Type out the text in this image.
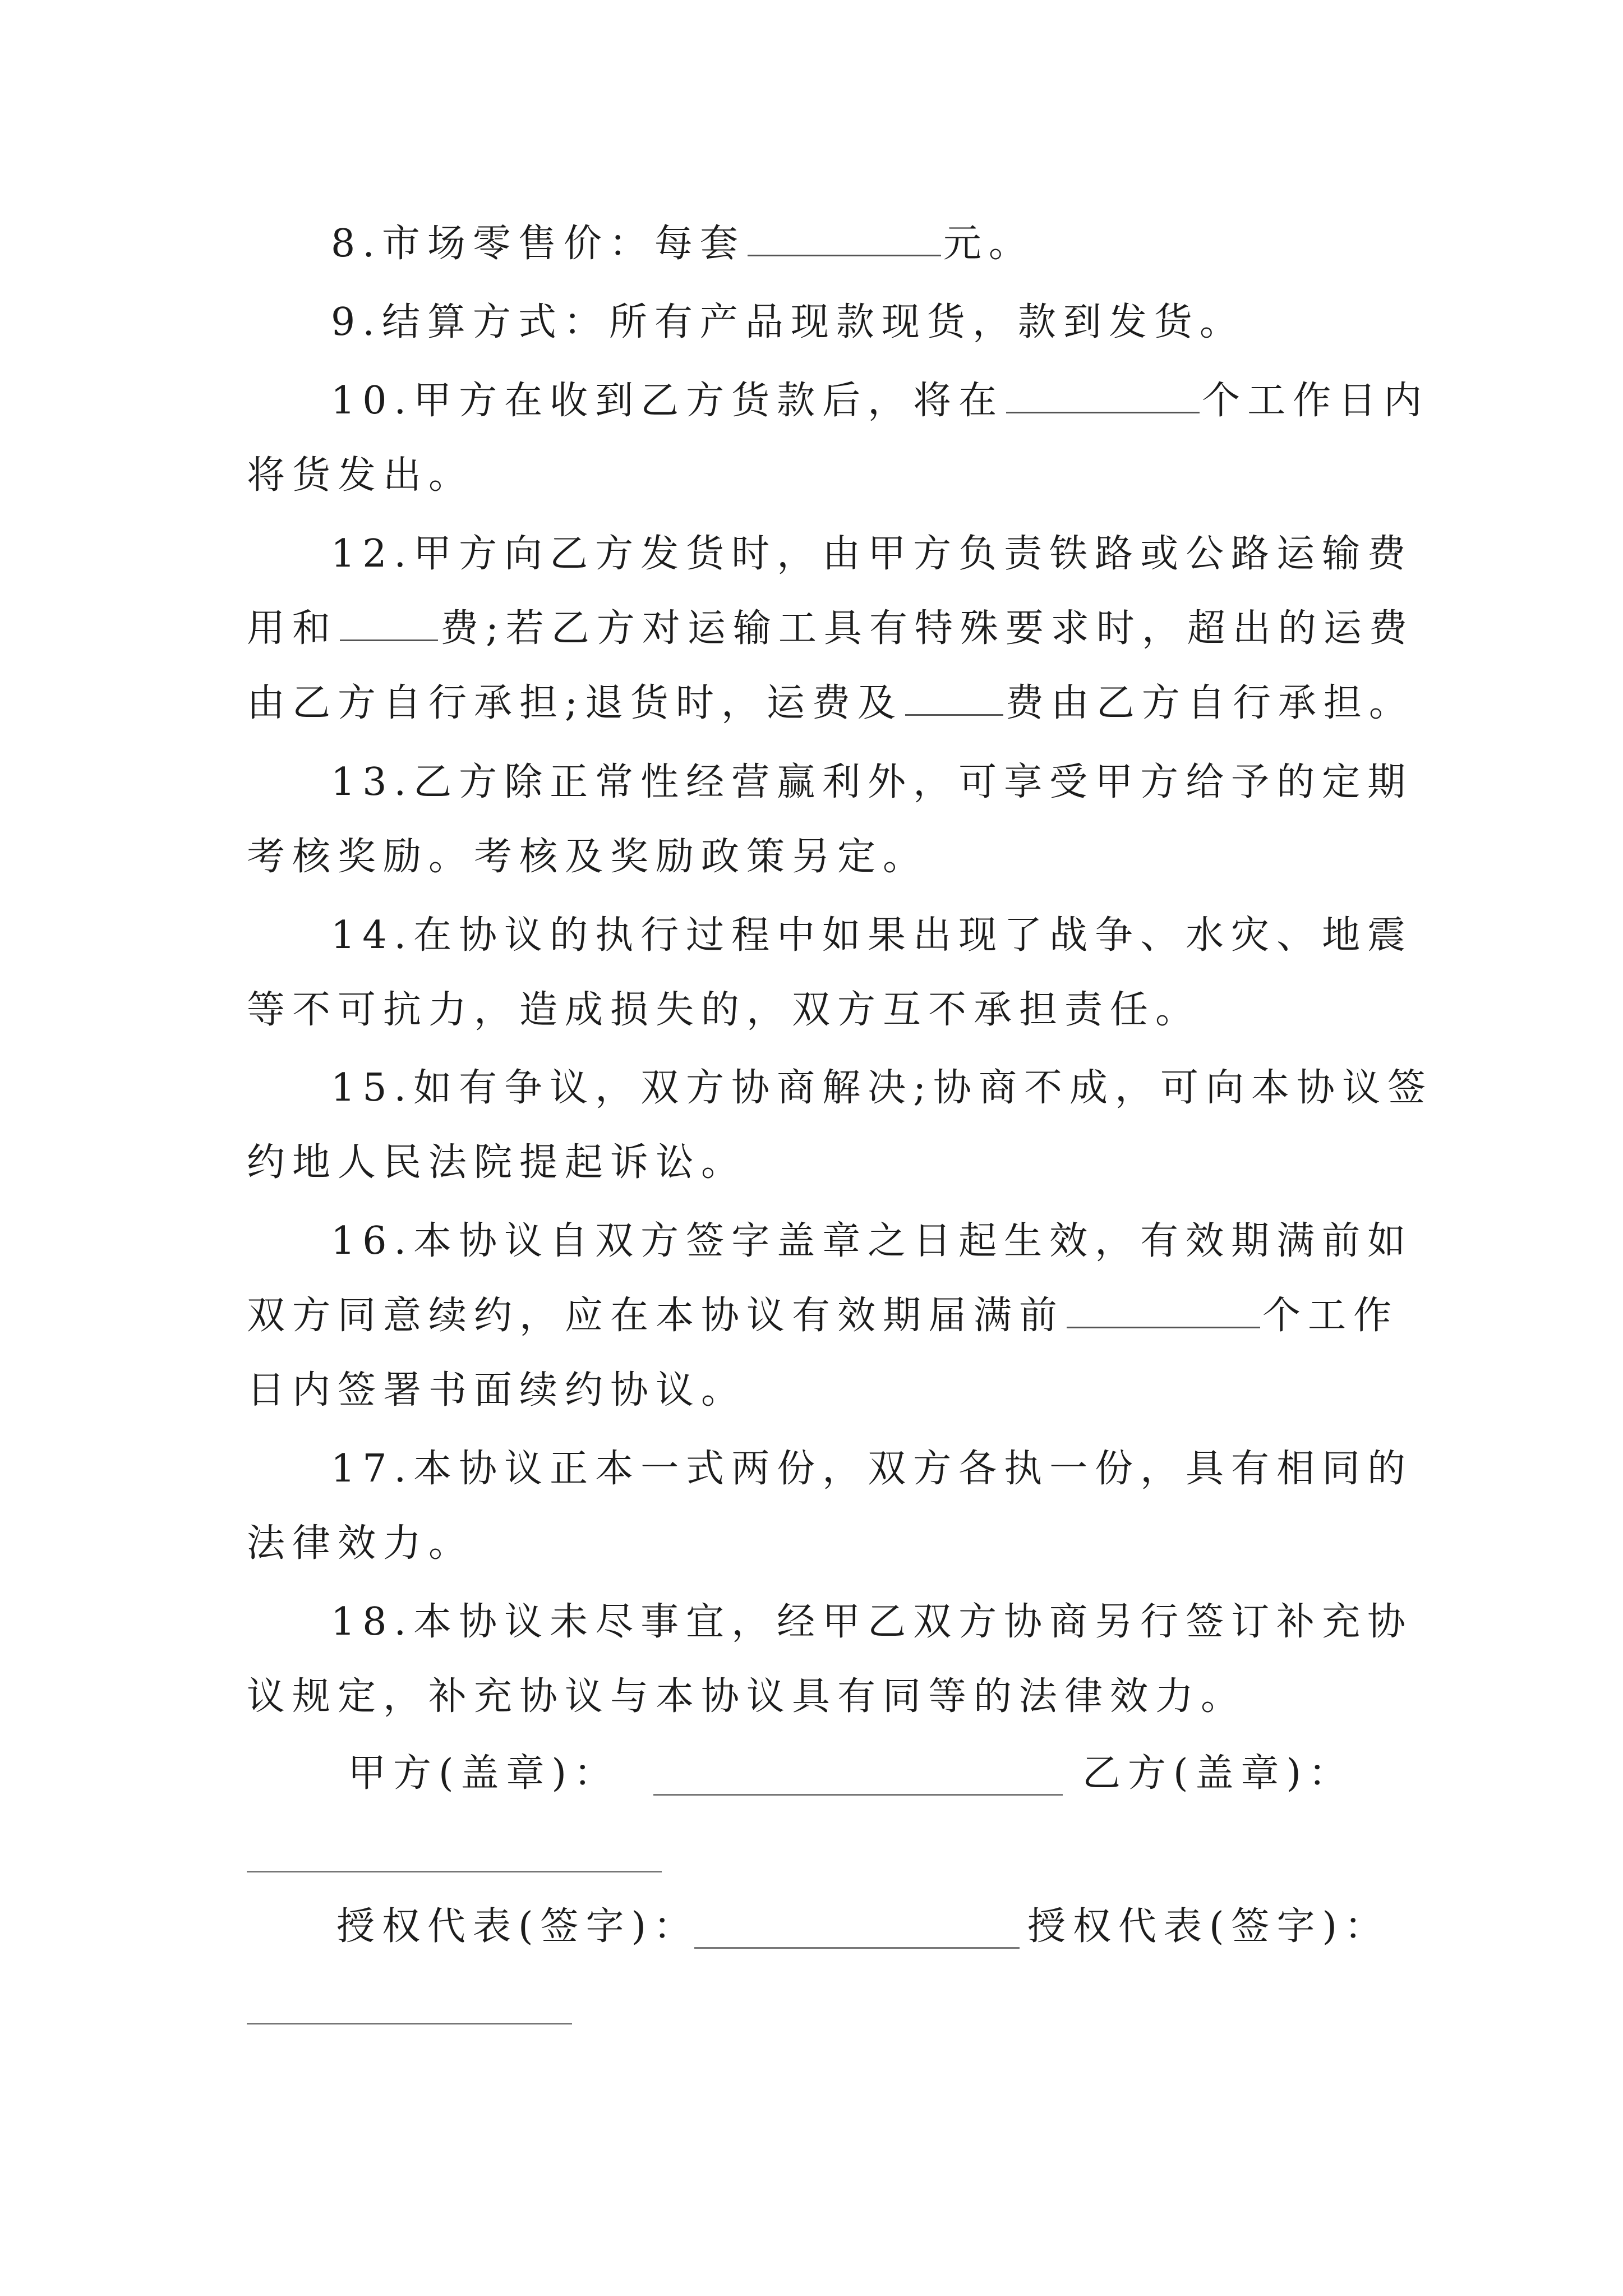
8.市场零售价：每套	元。
9.结算方式：所有产品现款现货，款到发货。
10.甲方在收到乙方货款后，将在	个工作日内
将货发出。
12.甲方向乙方发货时，由甲方负责铁路或公路运输费
用和	费;若乙方对运输工具有特殊要求时，超出的运费
由乙方自行承担;退货时，运费及	费由乙方自行承担。
13.乙方除正常性经营赢利外，可享受甲方给予的定期
考核奖励。考核及奖励政策另定。
14.在协议的执行过程中如果出现了战争、水灾、地震
等不可抗力，造成损失的，双方互不承担责任。
15.如有争议，双方协商解决;协商不成，可向本协议签
约地人民法院提起诉讼。
16.本协议自双方签字盖章之日起生效，有效期满前如
双方同意续约，应在本协议有效期届满前	个工作
日内签署书面续约协议。
17.本协议正本一式两份，双方各执一份，具有相同的
法律效力。
18.本协议未尽事宜，经甲乙双方协商另行签订补充协
议规定，补充协议与本协议具有同等的法律效力。
甲方(盖章)：	乙方(盖章)：
授权代表(签字)：	授权代表(签字)：
